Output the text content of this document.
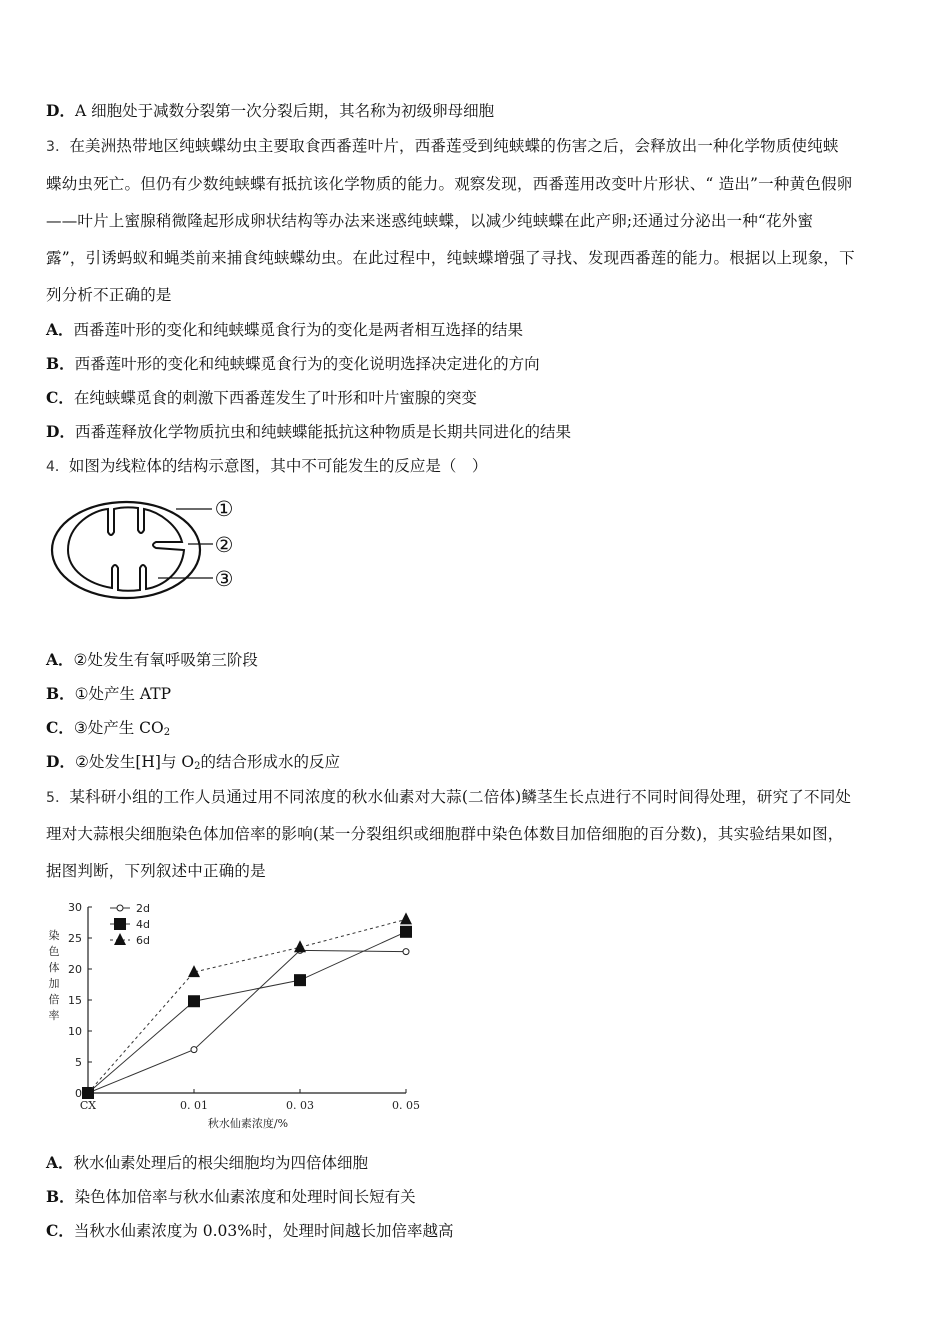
D．A 细胞处于减数分裂第一次分裂后期，其名称为初级卵母细胞
3．在美洲热带地区纯蛱蝶幼虫主要取食西番莲叶片，西番莲受到纯蛱蝶的伤害之后，会释放出一种化学物质使纯蛱
蝶幼虫死亡。但仍有少数纯蛱蝶有抵抗该化学物质的能力。观察发现，西番莲用改变叶片形状、“ 造出”一种黄色假卵
——叶片上蜜腺稍微隆起形成卵状结构等办法来迷惑纯蛱蝶，以减少纯蛱蝶在此产卵;还通过分泌出一种“花外蜜
露”，引诱蚂蚁和蝇类前来捕食纯蛱蝶幼虫。在此过程中，纯蛱蝶增强了寻找、发现西番莲的能力。根据以上现象，下
列分析不正确的是
A．西番莲叶形的变化和纯蛱蝶觅食行为的变化是两者相互选择的结果
B．西番莲叶形的变化和纯蛱蝶觅食行为的变化说明选择决定进化的方向
C．在纯蛱蝶觅食的刺激下西番莲发生了叶形和叶片蜜腺的突变
D．西番莲释放化学物质抗虫和纯蛱蝶能抵抗这种物质是长期共同进化的结果
4．如图为线粒体的结构示意图，其中不可能发生的反应是（　）
①
②
③
A．②处发生有氧呼吸第三阶段
B．①处产生 ATP
C．③处产生 $CO_2$
D．②处发生[H]与 $O_2$的结合形成水的反应
5．某科研小组的工作人员通过用不同浓度的秋水仙素对大蒜(二倍体)鳞茎生长点进行不同时间得处理，研究了不同处
理对大蒜根尖细胞染色体加倍率的影响(某一分裂组织或细胞群中染色体数目加倍细胞的百分数)，其实验结果如图，
据图判断，下列叙述中正确的是
0
5
10
15
20
25
30
CX	0. 01	0. 03	0. 05
2d
4d
6d
染
色
体
加
倍
率
秋水仙素浓度/%
A．秋水仙素处理后的根尖细胞均为四倍体细胞
B．染色体加倍率与秋水仙素浓度和处理时间长短有关
C．当秋水仙素浓度为 0.03%时，处理时间越长加倍率越高
